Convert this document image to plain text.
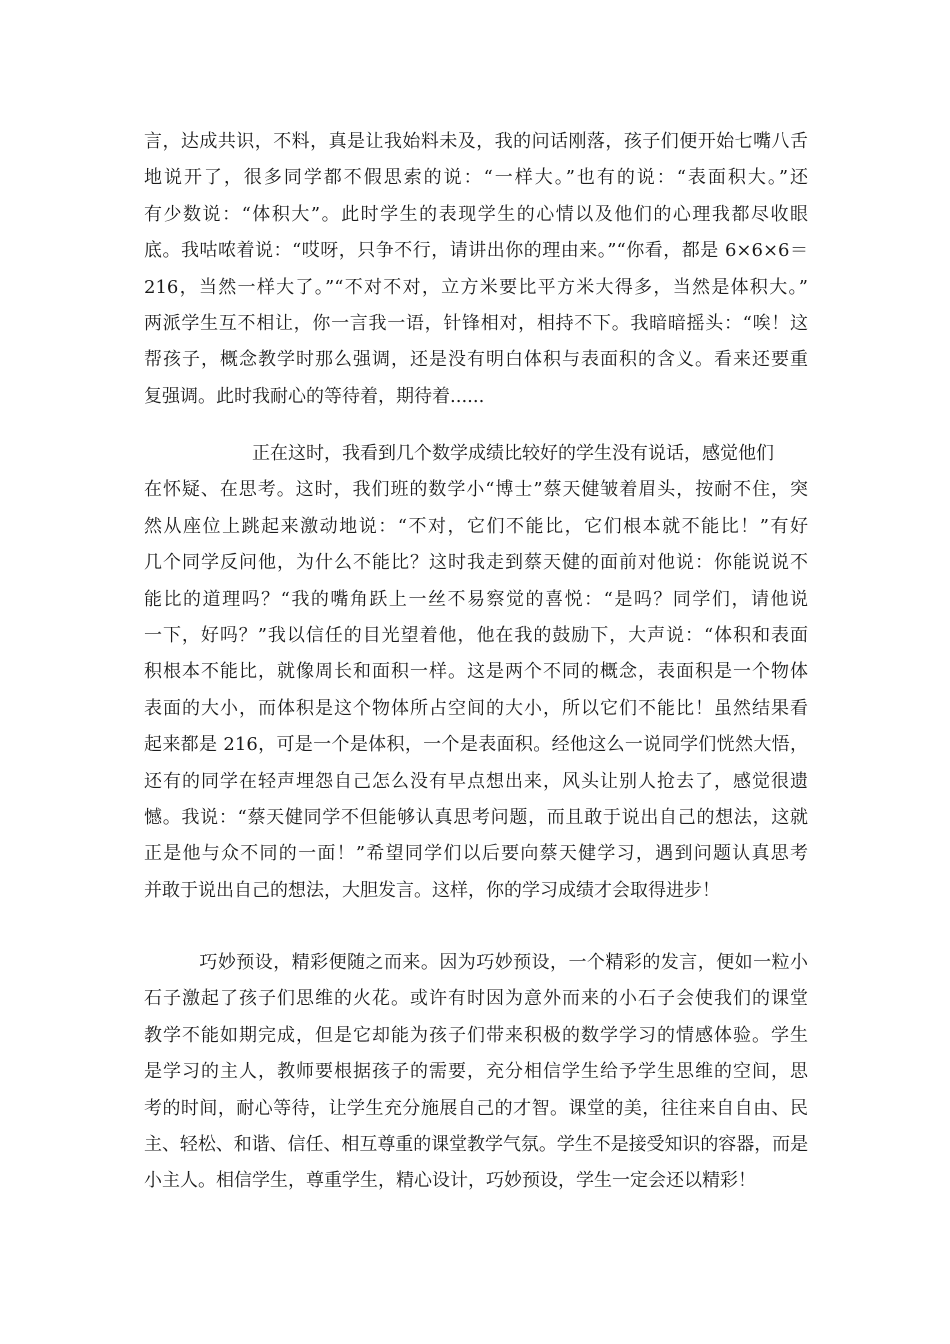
言，达成共识，不料，真是让我始料未及，我的问话刚落，孩子们便开始七嘴八舌
地说开了，很多同学都不假思索的说：“一样大。”也有的说：“表面积大。”还
有少数说：“体积大”。此时学生的表现学生的心情以及他们的心理我都尽收眼
底。我咕哝着说：“哎呀，只争不行，请讲出你的理由来。”“你看，都是 6×6×6＝
216，当然一样大了。”“不对不对，立方米要比平方米大得多，当然是体积大。”
两派学生互不相让，你一言我一语，针锋相对，相持不下。我暗暗摇头：“唉！这
帮孩子，概念教学时那么强调，还是没有明白体积与表面积的含义。看来还要重
复强调。此时我耐心的等待着，期待着......
　　　　　　正在这时，我看到几个数学成绩比较好的学生没有说话，感觉他们
在怀疑、在思考。这时，我们班的数学小“博士”蔡天健皱着眉头，按耐不住，突
然从座位上跳起来激动地说：“不对，它们不能比，它们根本就不能比！”有好
几个同学反问他，为什么不能比？这时我走到蔡天健的面前对他说：你能说说不
能比的道理吗？“我的嘴角跃上一丝不易察觉的喜悦：“是吗？同学们，请他说
一下，好吗？”我以信任的目光望着他，他在我的鼓励下，大声说：“体积和表面
积根本不能比，就像周长和面积一样。这是两个不同的概念，表面积是一个物体
表面的大小，而体积是这个物体所占空间的大小，所以它们不能比！虽然结果看
起来都是 216，可是一个是体积，一个是表面积。经他这么一说同学们恍然大悟，
还有的同学在轻声埋怨自己怎么没有早点想出来，风头让别人抢去了，感觉很遗
憾。我说：“蔡天健同学不但能够认真思考问题，而且敢于说出自己的想法，这就
正是他与众不同的一面！”希望同学们以后要向蔡天健学习，遇到问题认真思考
并敢于说出自己的想法，大胆发言。这样，你的学习成绩才会取得进步！
　　　巧妙预设，精彩便随之而来。因为巧妙预设，一个精彩的发言，便如一粒小
石子激起了孩子们思维的火花。或许有时因为意外而来的小石子会使我们的课堂
教学不能如期完成，但是它却能为孩子们带来积极的数学学习的情感体验。学生
是学习的主人，教师要根据孩子的需要，充分相信学生给予学生思维的空间，思
考的时间，耐心等待，让学生充分施展自己的才智。课堂的美，往往来自自由、民
主、轻松、和谐、信任、相互尊重的课堂教学气氛。学生不是接受知识的容器，而是
小主人。相信学生，尊重学生，精心设计，巧妙预设，学生一定会还以精彩！
